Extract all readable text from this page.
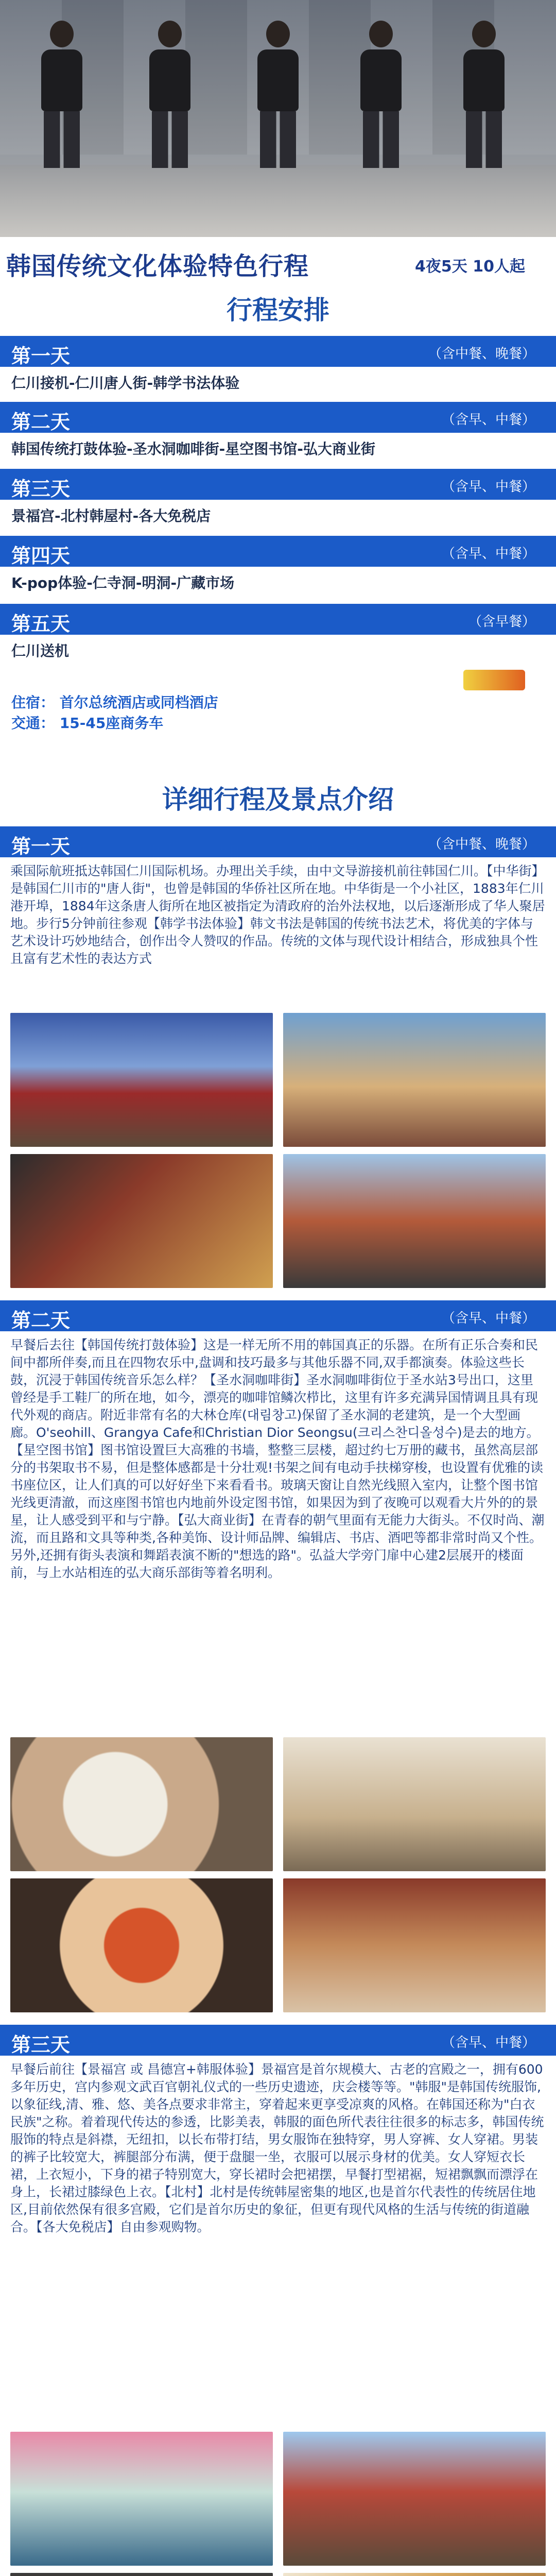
韩国传统文化体验特色行程	4夜5天 10人起
行程安排
第一天	（含中餐、晚餐）
仁川接机-仁川唐人街-韩学书法体验
第二天	（含早、中餐）
韩国传统打鼓体验-圣水洞咖啡街-星空图书馆-弘大商业街
第三天	（含早、中餐）
景福宫-北村韩屋村-各大免税店
第四天	（含早、中餐）
K-pop体验-仁寺洞-明洞-广藏市场
第五天	（含早餐）
仁川送机
住宿： 首尔总统酒店或同档酒店
交通： 15-45座商务车
详细行程及景点介绍
第一天	（含中餐、晚餐）
乘国际航班抵达韩国仁川国际机场。办理出关手续，由中文导游接机前往韩国仁川。【中华街】是韩国仁川市的"唐人街"，也曾是韩国的华侨社区所在地。中华街是一个小社区，1883年仁川港开埠，1884年这条唐人街所在地区被指定为清政府的治外法权地，以后逐渐形成了华人聚居地。步行5分钟前往参观【韩学书法体验】韩文书法是韩国的传统书法艺术，将优美的字体与艺术设计巧妙地结合，创作出令人赞叹的作品。传统的文体与现代设计相结合，形成独具个性且富有艺术性的表达方式
第二天	（含早、中餐）
早餐后去往【韩国传统打鼓体验】这是一样无所不用的韩国真正的乐器。在所有正乐合奏和民间中都所伴奏,而且在四物农乐中,盘调和技巧最多与其他乐器不同,双手都演奏。体验这些长鼓，沉浸于韩国传统音乐怎么样？【圣水洞咖啡街】圣水洞咖啡街位于圣水站3号出口，这里曾经是手工鞋厂的所在地，如今，漂亮的咖啡馆鳞次栉比，这里有许多充满异国情调且具有现代外观的商店。附近非常有名的大林仓库(대림창고)保留了圣水洞的老建筑，是一个大型画廊。O'seohill、Grangya Cafe和Christian Dior Seongsu(크리스찬디올성수)是去的地方。【星空图书馆】图书馆设置巨大高雅的书墙，整整三层楼，超过约七万册的藏书，虽然高层部分的书架取书不易，但是整体感都是十分壮观!书架之间有电动手扶梯穿梭，也设置有优雅的读书座位区，让人们真的可以好好坐下来看看书。玻璃天窗让自然光线照入室内，让整个图书馆光线更清澈，而这座图书馆也内地前外设定图书馆，如果因为到了夜晚可以观看大片外的的景星，让人感受到平和与宁静。【弘大商业街】在青春的朝气里面有无能力大街头。不仅时尚、潮流，而且路和文具等种类,各种美饰、设计师品牌、编辑店、书店、酒吧等都非常时尚又个性。另外,还拥有街头表演和舞蹈表演不断的"想选的路"。弘益大学旁门扉中心建2层展开的楼面前，与上水站相连的弘大商乐部街等着名明利。
第三天	（含早、中餐）
早餐后前往【景福宫 或 昌德宫+韩服体验】景福宫是首尔规模大、古老的宫殿之一，拥有600多年历史，宫内参观文武百官朝礼仪式的一些历史遗迹，庆会楼等等。"韩服"是韩国传统服饰,以象征线,清、雅、悠、美各点要求非常主，穿着起来更享受凉爽的风格。在韩国还称为"白衣民族"之称。着着现代传达的参透，比影美表，韩服的面色所代表往往很多的标志多，韩国传统服饰的特点是斜襟，无纽扣，以长布带打结，男女服饰在独特穿，男人穿裤、女人穿裙。男装的裤子比较宽大，裤腿部分布满，便于盘腿一坐，衣服可以展示身材的优美。女人穿短衣长裙，上衣短小，下身的裙子特别宽大，穿长裙时会把裙摆，早餐打型裙裾，短裙飘飘而漂浮在身上，长裙过膝绿色上衣。【北村】北村是传统韩屋密集的地区,也是首尔代表性的传统居住地区,目前依然保有很多宫殿，它们是首尔历史的象征，但更有现代风格的生活与传统的街道融合。【各大免税店】自由参观购物。
